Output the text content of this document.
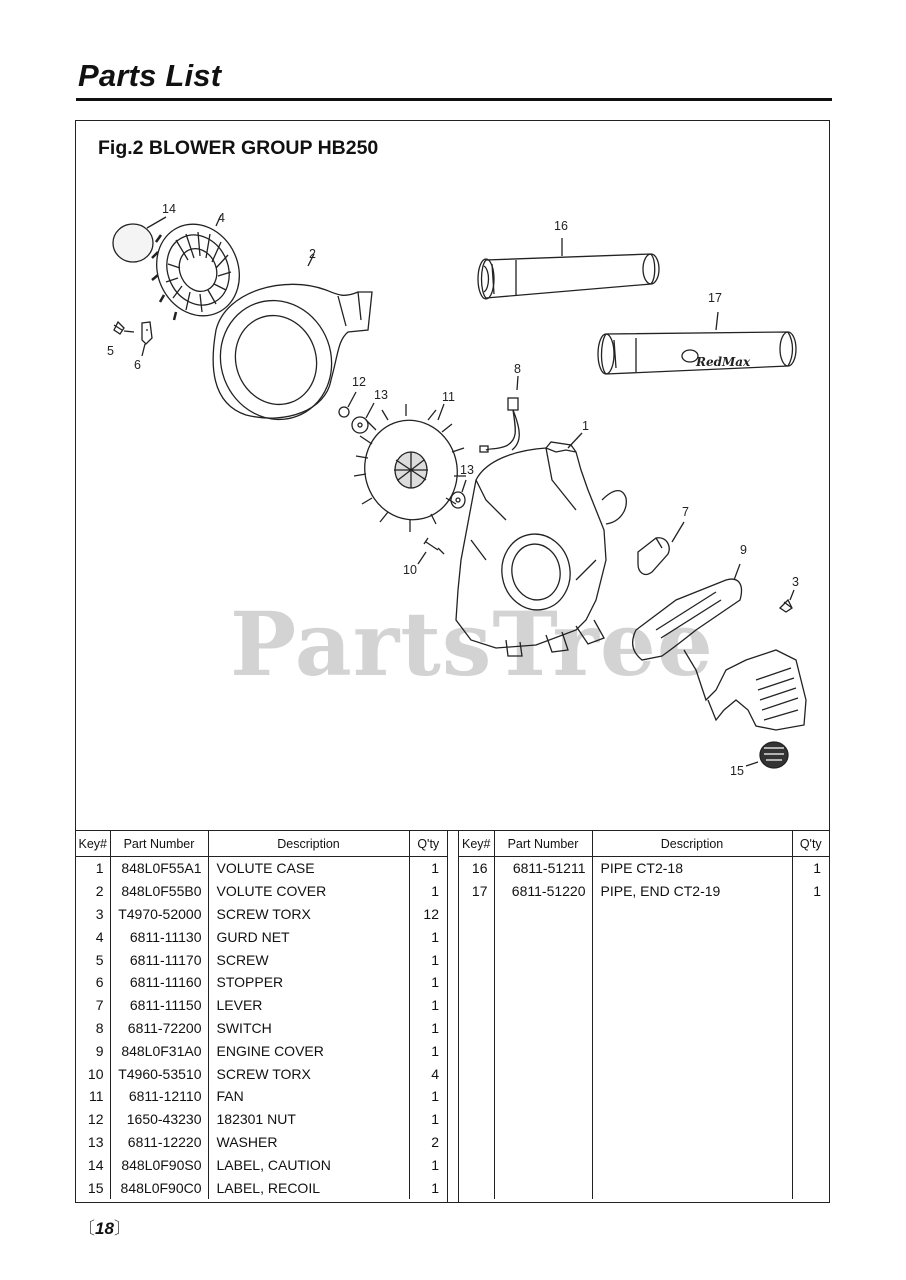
Parts List
Fig.2 BLOWER GROUP HB250
PartsTree
RedMax
1
2
3
4
5
6
7
8
9
10
11
12
13
13
14
15
16
17
Key#	Part Number	Description	Q'ty
1	848L0F55A1	VOLUTE CASE	1
2	848L0F55B0	VOLUTE COVER	1
3	T4970-52000	SCREW TORX	12
4	6811-11130	GURD NET	1
5	6811-11170	SCREW	1
6	6811-11160	STOPPER	1
7	6811-11150	LEVER	1
8	6811-72200	SWITCH	1
9	848L0F31A0	ENGINE COVER	1
10	T4960-53510	SCREW TORX	4
11	6811-12110	FAN	1
12	1650-43230	182301 NUT	1
13	6811-12220	WASHER	2
14	848L0F90S0	LABEL, CAUTION	1
15	848L0F90C0	LABEL, RECOIL	1
Key#	Part Number	Description	Q'ty
16	6811-51211	PIPE CT2-18	1
17	6811-51220	PIPE, END CT2-19	1

〔18〕
